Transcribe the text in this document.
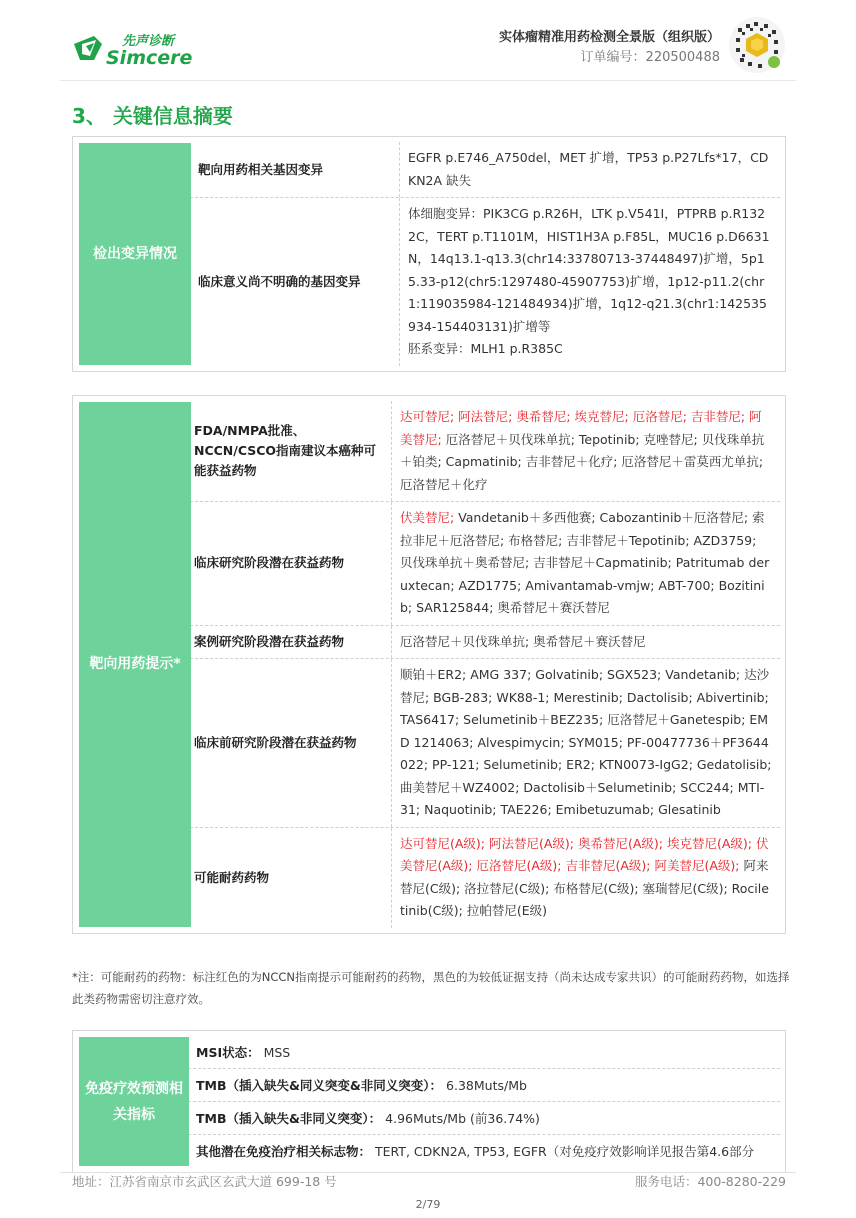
先声诊断
Simcere
实体瘤精准用药检测全景版（组织版）
订单编号：220500488
3、 关键信息摘要
检出变异情况
靶向用药相关基因变异
EGFR p.E746_A750del，MET 扩增，TP53 p.P27Lfs*17，CDKN2A 缺失
临床意义尚不明确的基因变异
体细胞变异：PIK3CG p.R26H，LTK p.V541I，PTPRB p.R1322C，TERT p.T1101M，HIST1H3A p.F85L，MUC16 p.D6631N，14q13.1-q13.3(chr14:33780713-37448497)扩增，5p15.33-p12(chr5:1297480-45907753)扩增，1p12-p11.2(chr1:119035984-121484934)扩增，1q12-q21.3(chr1:142535934-154403131)扩增等
胚系变异：MLH1 p.R385C
靶向用药提示*
FDA/NMPA批准、NCCN/CSCO指南建议本癌种可能获益药物
达可替尼; 阿法替尼; 奥希替尼; 埃克替尼; 厄洛替尼; 吉非替尼; 阿美替尼; 厄洛替尼＋贝伐珠单抗; Tepotinib; 克唑替尼; 贝伐珠单抗＋铂类; Capmatinib; 吉非替尼＋化疗; 厄洛替尼＋雷莫西尤单抗; 厄洛替尼＋化疗
临床研究阶段潜在获益药物
伏美替尼; Vandetanib＋多西他赛; Cabozantinib＋厄洛替尼; 索拉非尼＋厄洛替尼; 布格替尼; 吉非替尼＋Tepotinib; AZD3759; 贝伐珠单抗＋奥希替尼; 吉非替尼＋Capmatinib; Patritumab deruxtecan; AZD1775; Amivantamab-vmjw; ABT-700; Bozitinib; SAR125844; 奥希替尼＋赛沃替尼
案例研究阶段潜在获益药物	厄洛替尼＋贝伐珠单抗; 奥希替尼＋赛沃替尼
临床前研究阶段潜在获益药物
顺铂＋ER2; AMG 337; Golvatinib; SGX523; Vandetanib; 达沙替尼; BGB-283; WK88-1; Merestinib; Dactolisib; Abivertinib; TAS6417; Selumetinib＋BEZ235; 厄洛替尼＋Ganetespib; EMD 1214063; Alvespimycin; SYM015; PF-00477736＋PF3644022; PP-121; Selumetinib; ER2; KTN0073-IgG2; Gedatolisib; 曲美替尼＋WZ4002; Dactolisib＋Selumetinib; SCC244; MTI-31; Naquotinib; TAE226; Emibetuzumab; Glesatinib
可能耐药药物
达可替尼(A级); 阿法替尼(A级); 奥希替尼(A级); 埃克替尼(A级); 伏美替尼(A级); 厄洛替尼(A级); 吉非替尼(A级); 阿美替尼(A级); 阿来替尼(C级); 洛拉替尼(C级); 布格替尼(C级); 塞瑞替尼(C级); Rociletinib(C级); 拉帕替尼(E级)
*注：可能耐药的药物：标注红色的为NCCN指南提示可能耐药的药物，黑色的为较低证据支持（尚未达成专家共识）的可能耐药药物，如选择此类药物需密切注意疗效。
免疫疗效预测相关指标
MSI状态：
MSS
TMB（插入缺失&同义突变&非同义突变）：
6.38Muts/Mb
TMB（插入缺失&非同义突变）：
4.96Muts/Mb (前36.74%)
其他潜在免疫治疗相关标志物：
TERT, CDKN2A, TP53, EGFR（对免疫疗效影响详见报告第4.6部分
地址：江苏省南京市玄武区玄武大道 699-18 号	服务电话：400-8280-229
2/79
